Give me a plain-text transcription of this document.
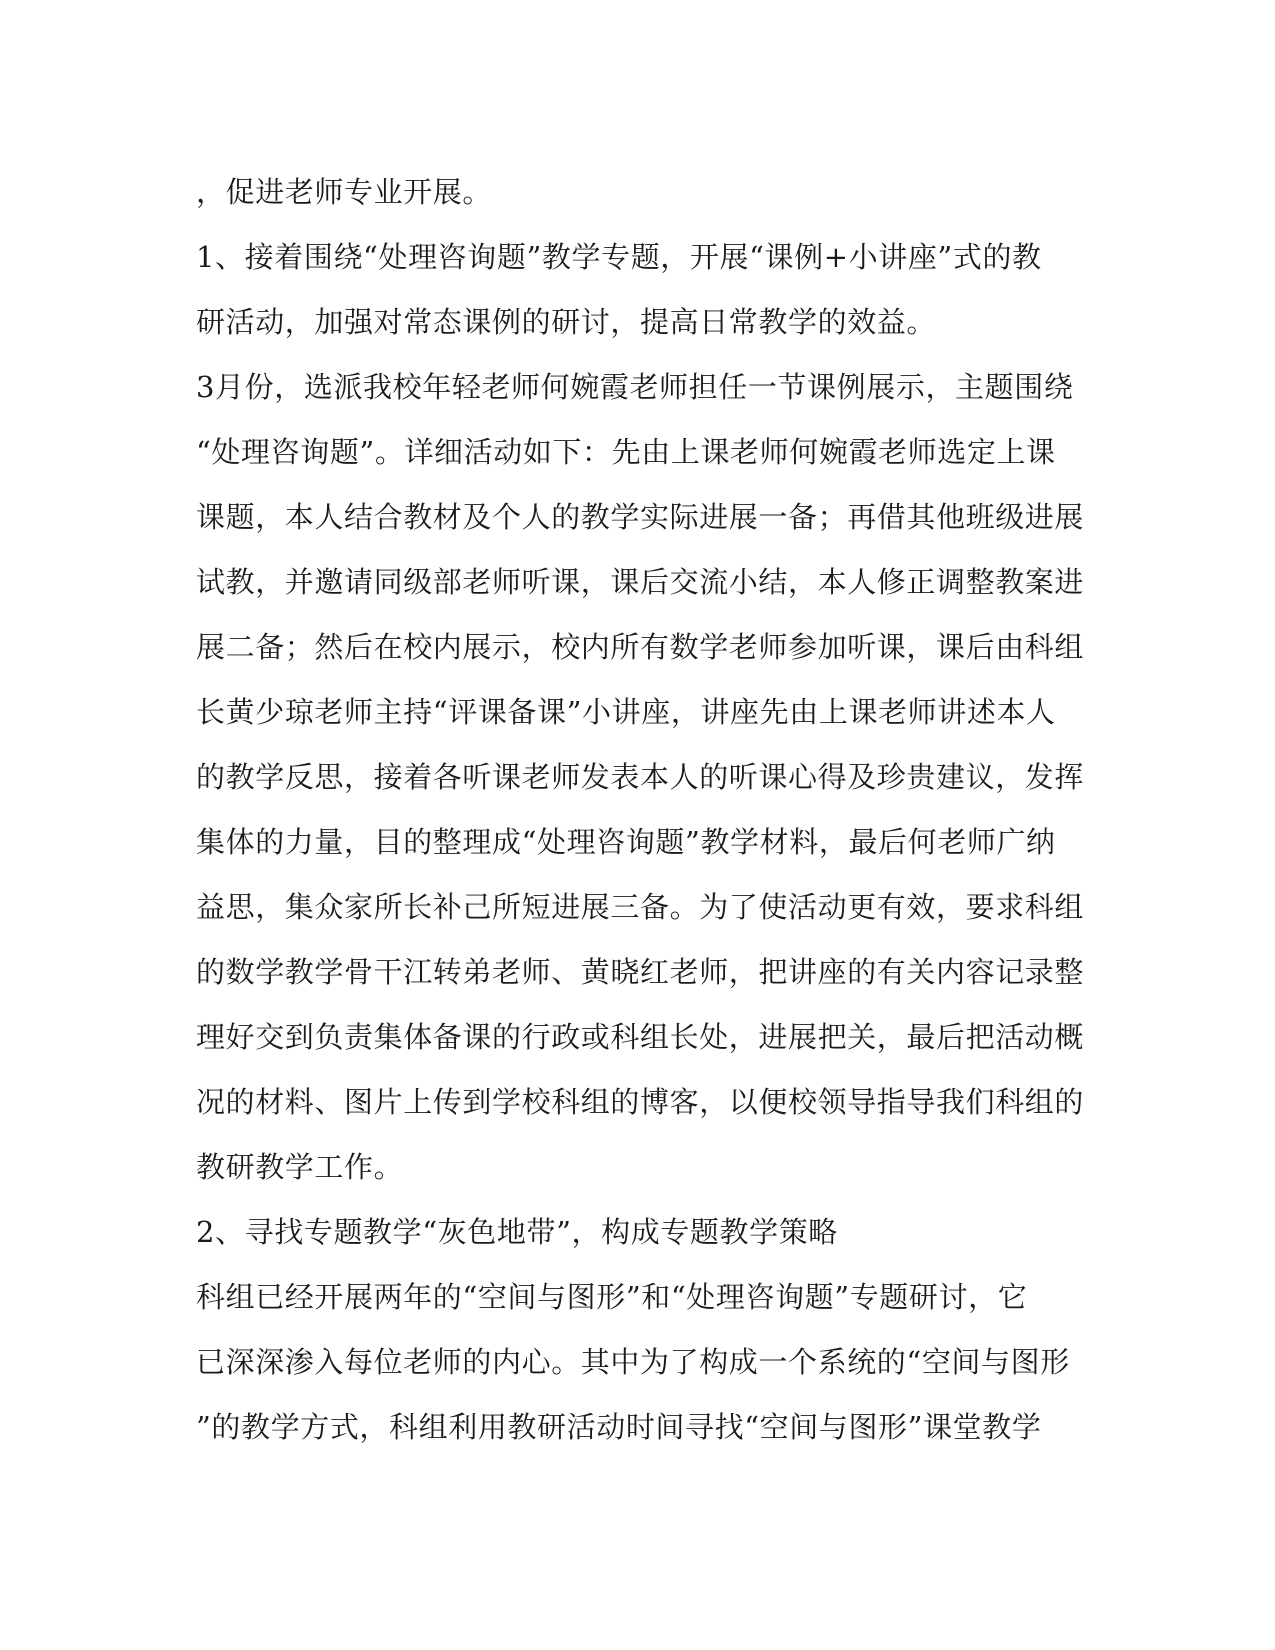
，促进老师专业开展。
1、接着围绕“处理咨询题”教学专题，开展“课例+小讲座”式的教
研活动，加强对常态课例的研讨，提高日常教学的效益。
3月份，选派我校年轻老师何婉霞老师担任一节课例展示，主题围绕
“处理咨询题”。详细活动如下：先由上课老师何婉霞老师选定上课
课题，本人结合教材及个人的教学实际进展一备；再借其他班级进展
试教，并邀请同级部老师听课，课后交流小结，本人修正调整教案进
展二备；然后在校内展示，校内所有数学老师参加听课，课后由科组
长黄少琼老师主持“评课备课”小讲座，讲座先由上课老师讲述本人
的教学反思，接着各听课老师发表本人的听课心得及珍贵建议，发挥
集体的力量，目的整理成“处理咨询题”教学材料，最后何老师广纳
益思，集众家所长补己所短进展三备。为了使活动更有效，要求科组
的数学教学骨干江转弟老师、黄晓红老师，把讲座的有关内容记录整
理好交到负责集体备课的行政或科组长处，进展把关，最后把活动概
况的材料、图片上传到学校科组的博客，以便校领导指导我们科组的
教研教学工作。
2、寻找专题教学“灰色地带”，构成专题教学策略
科组已经开展两年的“空间与图形”和“处理咨询题”专题研讨，它
已深深渗入每位老师的内心。其中为了构成一个系统的“空间与图形
”的教学方式，科组利用教研活动时间寻找“空间与图形”课堂教学
